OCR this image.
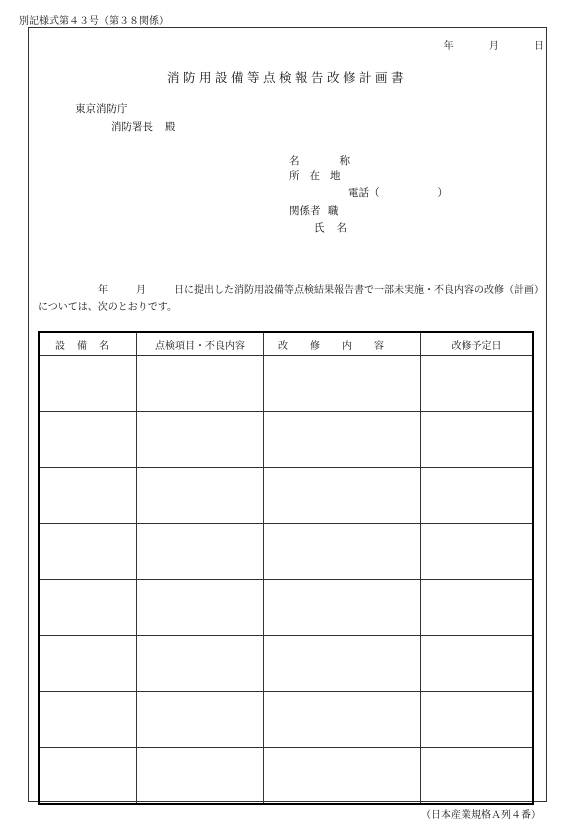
別記様式第４３号（第３８関係）
年	月	日
消防用設備等点検報告改修計画書
東京消防庁
消防署長 殿
名称
所在地
電話（	）
関係者 職
氏名
年	月	日に提出した消防用設備等点検結果報告書で一部未実施・不良内容の改修（計画）については、次のとおりです。
設備名	点検項目・不良内容	改修内容	改修予定日

（日本産業規格Ａ列４番）
